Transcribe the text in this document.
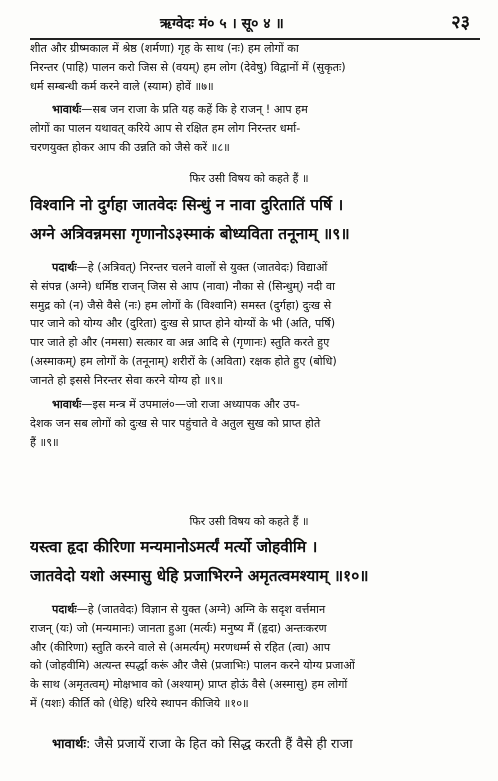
ऋग्वेदः मं० ५ । सू० ४ ॥	२३
शीत और ग्रीष्मकाल में श्रेष्ठ (शर्मणा) गृह के साथ (नः) हम लोगों का
निरन्तर (पाहि) पालन करो जिस से (वयम्) हम लोग (देवेषु) विद्वानों में (सुकृतः)
धर्म सम्बन्धी कर्म करने वाले (स्याम) होवें ॥७॥
भावार्थः—सब जन राजा के प्रति यह कहें कि हे राजन् ! आप हम
लोगों का पालन यथावत् करिये आप से रक्षित हम लोग निरन्तर धर्मा-
चरणयुक्त होकर आप की उन्नति को जैसे करें ॥८॥
फिर उसी विषय को कहते हैं ॥
विश्वानि नो दुर्गहा जातवेदः सिन्धुं न नावा दुरितातिं पर्षि ।
अग्ने अत्रिवन्नमसा गृणानोऽ३स्माकं बोध्यविता तनूनाम् ॥९॥
पदार्थः—हे (अत्रिवत्) निरन्तर चलने वालों से युक्त (जातवेदः) विद्याओं
से संपन्न (अग्ने) धर्मिष्ठ राजन् जिस से आप (नावा) नौका से (सिन्धुम्) नदी वा
समुद्र को (न) जैसे वैसे (नः) हम लोगों के (विश्वानि) समस्त (दुर्गहा) दुःख से
पार जाने को योग्य और (दुरिता) दुःख से प्राप्त होने योग्यों के भी (अति, पर्षि)
पार जाते हो और (नमसा) सत्कार वा अन्न आदि से (गृणानः) स्तुति करते हुए
(अस्माकम्) हम लोगों के (तनूनाम्) शरीरों के (अविता) रक्षक होते हुए (बोधि)
जानते हो इससे निरन्तर सेवा करने योग्य हो ॥९॥
भावार्थः—इस मन्त्र में उपमालं०—जो राजा अध्यापक और उप-
देशक जन सब लोगों को दुःख से पार पहुंचाते वे अतुल सुख को प्राप्त होते
हैं ॥९॥
फिर उसी विषय को कहते हैं ॥
यस्त्वा हृदा कीरिणा मन्यमानोऽमर्त्यं मर्त्यो जोहवीमि ।
जातवेदो यशो अस्मासु धेहि प्रजाभिरग्ने अमृतत्वमश्याम् ॥१०॥
पदार्थः—हे (जातवेदः) विज्ञान से युक्त (अग्ने) अग्नि के सदृश वर्त्तमान
राजन् (यः) जो (मन्यमानः) जानता हुआ (मर्त्यः) मनुष्य मैं (हृदा) अन्तःकरण
और (कीरिणा) स्तुति करने वाले से (अमर्त्यम्) मरणधर्म्म से रहित (त्वा) आप
को (जोहवीमि) अत्यन्त स्पर्द्धा करूं और जैसे (प्रजाभिः) पालन करने योग्य प्रजाओं
के साथ (अमृतत्वम्) मोक्षभाव को (अश्याम्) प्राप्त होऊं वैसे (अस्मासु) हम लोगों
में (यशः) कीर्ति को (धेहि) धरिये स्थापन कीजिये ॥१०॥
भावार्थः: जैसे प्रजायें राजा के हित को सिद्ध करती हैं वैसे ही राजा
